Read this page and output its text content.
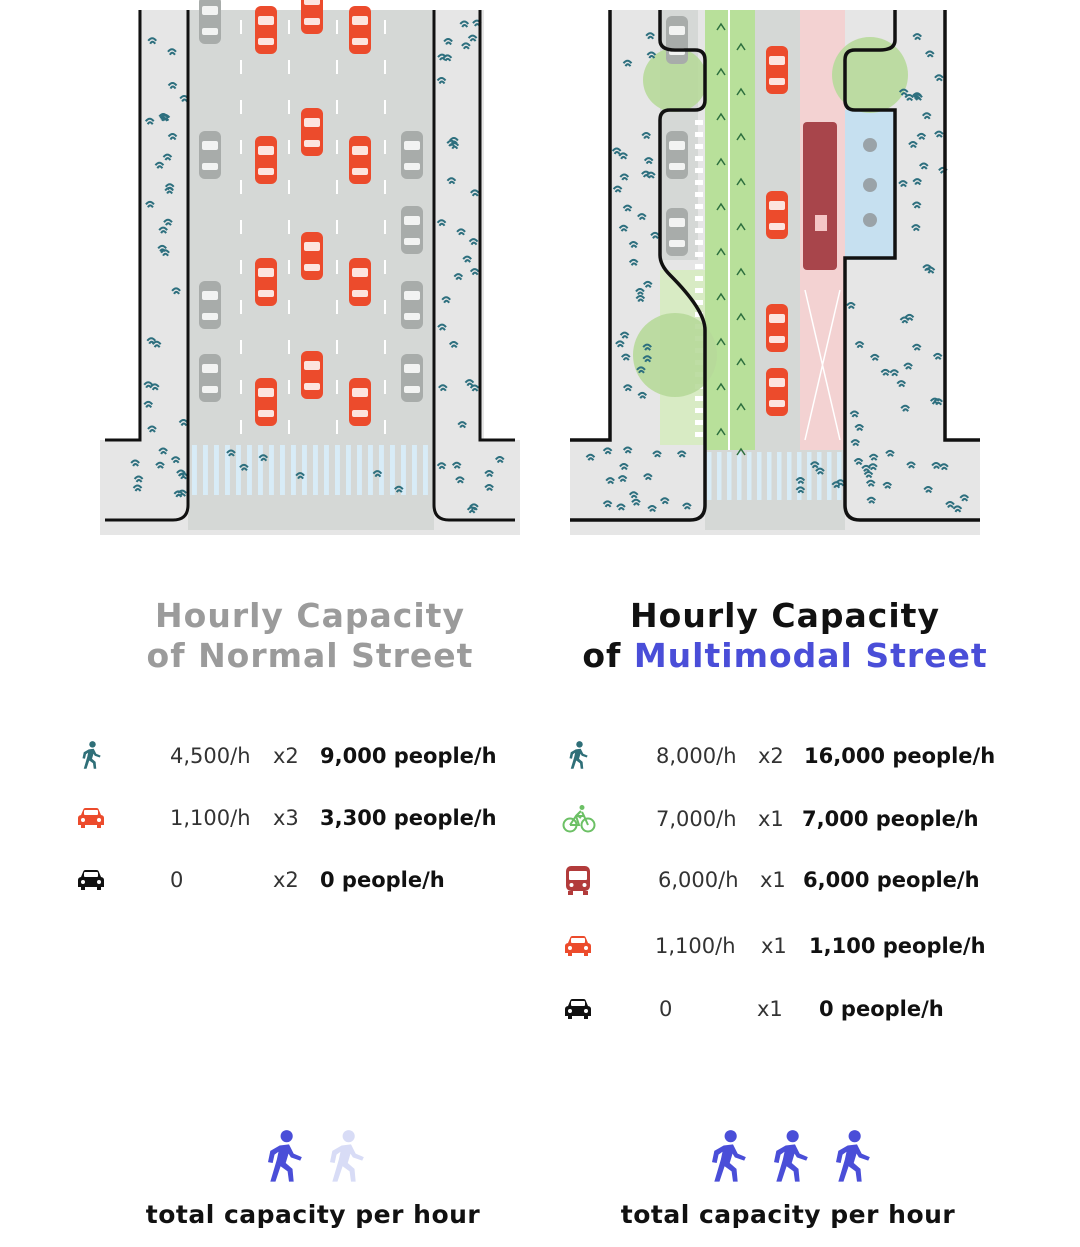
Hourly Capacity
of Normal Street
Hourly Capacity
of Multimodal Street
4,500/h x2 9,000 people/h
1,100/h x3 3,300 people/h
0	x2 0 people/h
8,000/h x2 16,000 people/h
7,000/h x1 7,000 people/h
6,000/h x1 6,000 people/h
1,100/h x1 1,100 people/h
0	x1 0 people/h
total capacity per hour	total capacity per hour
